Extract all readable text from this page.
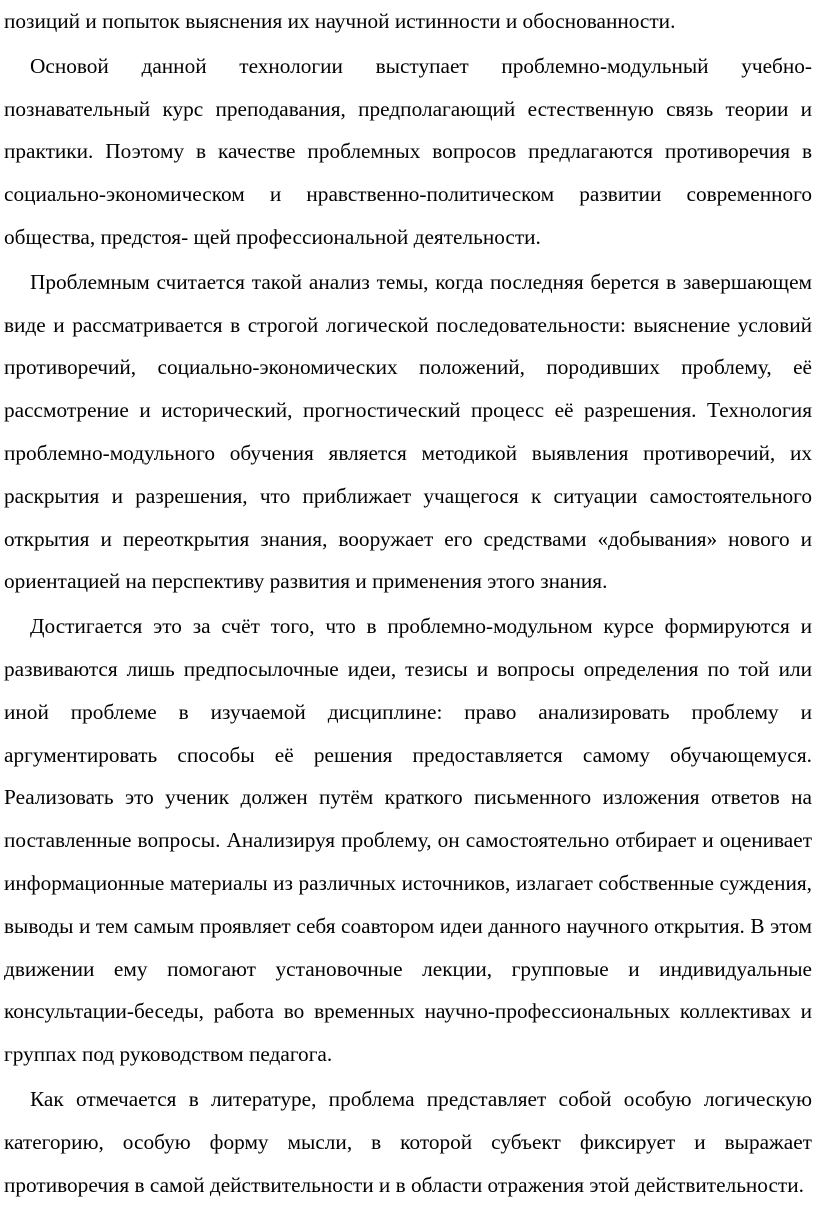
позиций и попыток выяснения их научной истинности и обоснованности.

Основой данной технологии выступает проблемно-модульный учебно-познавательный курс преподавания, предполагающий естественную связь теории и практики. Поэтому в качестве проблемных вопросов предлагаются противоречия в социально-экономическом и нравственно-политическом развитии современного общества, предстоя- щей профессиональной деятельности.

Проблемным считается такой анализ темы, когда последняя берется в завершающем виде и рассматривается в строгой логической последовательности: выяснение условий противоречий, социально-экономических положений, породивших проблему, её рассмотрение и исторический, прогностический процесс её разрешения. Технология проблемно-модульного обучения является методикой выявления противоречий, их раскрытия и разрешения, что приближает учащегося к ситуации самостоятельного открытия и переоткрытия знания, вооружает его средствами «добывания» нового и ориентацией на перспективу развития и применения этого знания.

Достигается это за счёт того, что в проблемно-модульном курсе формируются и развиваются лишь предпосылочные идеи, тезисы и вопросы определения по той или иной проблеме в изучаемой дисциплине: право анализировать проблему и аргументировать способы её решения предоставляется самому обучающемуся. Реализовать это ученик должен путём краткого письменного изложения ответов на поставленные вопросы. Анализируя проблему, он самостоятельно отбирает и оценивает информационные материалы из различных источников, излагает собственные суждения, выводы и тем самым проявляет себя соавтором идеи данного научного открытия. В этом движении ему помогают установочные лекции, групповые и индивидуальные консультации-беседы, работа во временных научно-профессиональных коллективах и группах под руководством педагога.

Как отмечается в литературе, проблема представляет собой особую логическую категорию, особую форму мысли, в которой субъект фиксирует и выражает противоречия в самой действительности и в области отражения этой действительности.
